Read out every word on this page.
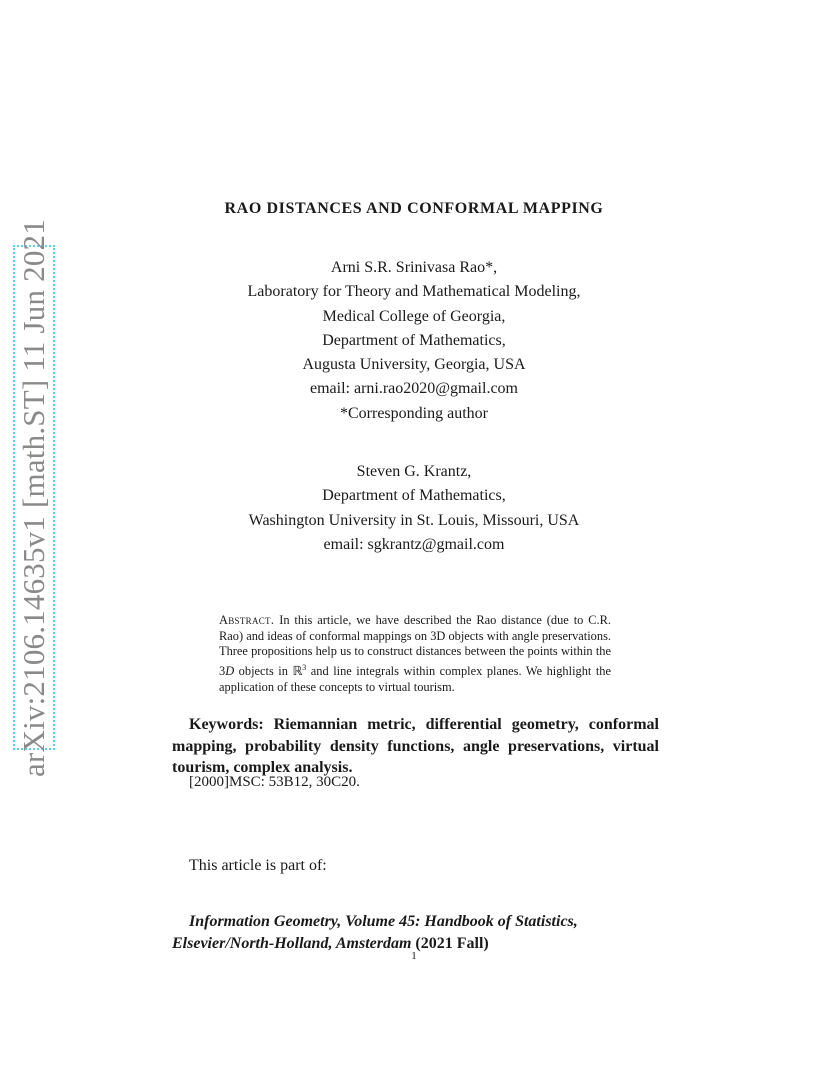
arXiv:2106.14635v1 [math.ST] 11 Jun 2021
RAO DISTANCES AND CONFORMAL MAPPING
Arni S.R. Srinivasa Rao*,
Laboratory for Theory and Mathematical Modeling,
Medical College of Georgia,
Department of Mathematics,
Augusta University, Georgia, USA
email: arni.rao2020@gmail.com
*Corresponding author
Steven G. Krantz,
Department of Mathematics,
Washington University in St. Louis, Missouri, USA
email: sgkrantz@gmail.com
Abstract. In this article, we have described the Rao distance (due to C.R. Rao) and ideas of conformal mappings on 3D objects with angle preservations. Three propositions help us to construct distances between the points within the 3D objects in ℝ$^3$ and line integrals within complex planes. We highlight the application of these concepts to virtual tourism.
Keywords: Riemannian metric, differential geometry, conformal mapping, probability density functions, angle preservations, virtual tourism, complex analysis.
[2000]MSC: 53B12, 30C20.
This article is part of:
Information Geometry, Volume 45: Handbook of Statistics,
Elsevier/North-Holland, Amsterdam (2021 Fall)
1
